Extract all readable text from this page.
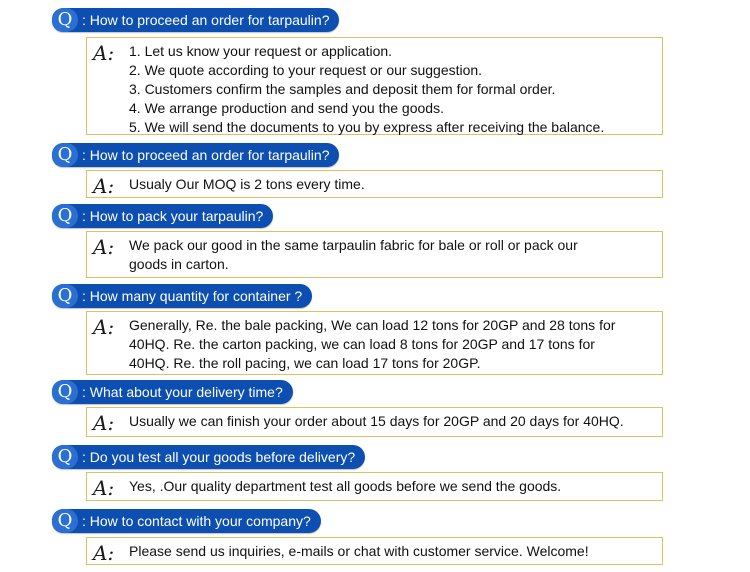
Q : How to proceed an order for tarpaulin?
A:	1. Let us know your request or application.
2. We quote according to your request or our suggestion.
3. Customers confirm the samples and deposit them for formal order.
4. We arrange production and send you the goods.
5. We will send the documents to you by express after receiving the balance.
Q : How to proceed an order for tarpaulin?
A:	Usualy Our MOQ is 2 tons every time.
Q : How to pack your tarpaulin?
A:	We pack our good in the same tarpaulin fabric for bale or roll or pack our
goods in carton.
Q : How many quantity for container ?
A:	Generally, Re. the bale packing, We can load 12 tons for 20GP and 28 tons for
40HQ. Re. the carton packing, we can load 8 tons for 20GP and 17 tons for
40HQ. Re. the roll pacing, we can load 17 tons for 20GP.
Q : What about your delivery time?
A:	Usually we can finish your order about 15 days for 20GP and 20 days for 40HQ.
Q : Do you test all your goods before delivery?
A:	Yes, .Our quality department test all goods before we send the goods.
Q : How to contact with your company?
A:	Please send us inquiries, e-mails or chat with customer service. Welcome!
